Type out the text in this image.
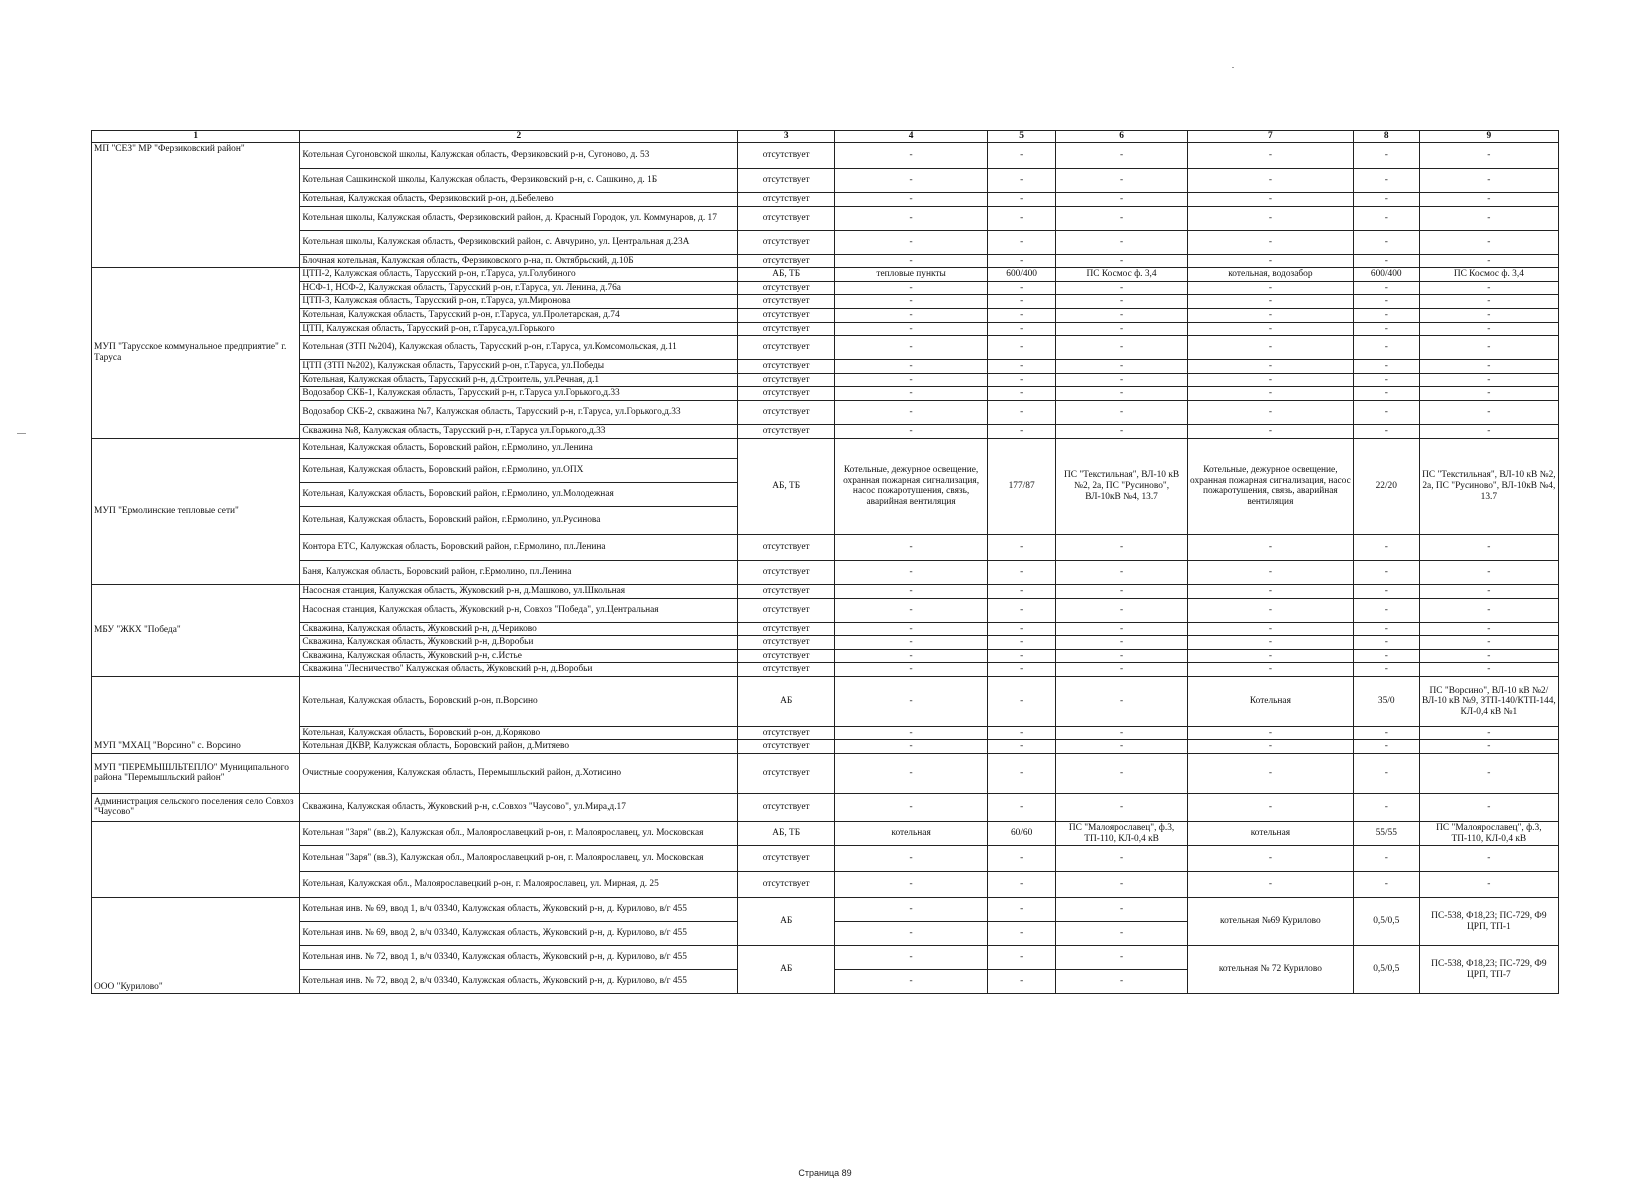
1	2	3	4	5	6	7	8	9
МП "СЕЗ" МР "Ферзиковский район"	Котельная Сугоновской школы, Калужская область, Ферзиковский р-н, Сугоново, д. 53	отсутствует	-	-	-	-	-	-
	Котельная Сашкинской школы, Калужская область, Ферзиковский р-н, с. Сашкино, д. 1Б	отсутствует	-	-	-	-	-	-
	Котельная, Калужская область, Ферзиковский р-он, д.Бебелево	отсутствует	-	-	-	-	-	-
	Котельная школы, Калужская область, Ферзиковский район, д. Красный Городок, ул. Коммунаров, д. 17	отсутствует	-	-	-	-	-	-
	Котельная школы, Калужская область, Ферзиковский район, с. Авчурино, ул. Центральная д.23А	отсутствует	-	-	-	-	-	-
	Блочная котельная, Калужская область, Ферзиковского р-на, п. Октябрьский, д.10Б	отсутствует	-	-	-	-	-	-
МУП "Тарусское коммунальное предприятие" г. Таруса	ЦТП-2, Калужская область, Тарусский р-он, г.Таруса, ул.Голубиного	АБ, ТБ	тепловые пункты	600/400	ПС Космос ф. 3,4	котельная, водозабор	600/400	ПС Космос ф. 3,4
	НСФ-1, НСФ-2, Калужская область, Тарусский р-он, г.Таруса, ул. Ленина, д.76а	отсутствует	-	-	-	-	-	-
	ЦТП-3, Калужская область, Тарусский р-он, г.Таруса, ул.Миронова	отсутствует	-	-	-	-	-	-
	Котельная, Калужская область, Тарусский р-он, г.Таруса, ул.Пролетарская, д.74	отсутствует	-	-	-	-	-	-
	ЦТП, Калужская область, Тарусский р-он, г.Таруса,ул.Горького	отсутствует	-	-	-	-	-	-
	Котельная (ЗТП №204), Калужская область, Тарусский р-он, г.Таруса, ул.Комсомольская, д.11	отсутствует	-	-	-	-	-	-
	ЦТП (ЗТП №202), Калужская область, Тарусский р-он, г.Таруса, ул.Победы	отсутствует	-	-	-	-	-	-
	Котельная, Калужская область, Тарусский р-н, д.Строитель, ул.Речная, д.1	отсутствует	-	-	-	-	-	-
	Водозабор СКБ-1, Калужская область, Тарусский р-н, г.Таруса ул.Горького,д.33	отсутствует	-	-	-	-	-	-
	Водозабор СКБ-2, скважина №7, Калужская область, Тарусский р-н, г.Таруса, ул.Горького,д.33	отсутствует	-	-	-	-	-	-
	Скважина №8, Калужская область, Тарусский р-н, г.Таруса ул.Горького,д.33	отсутствует	-	-	-	-	-	-
МУП "Ермолинские тепловые сети"	Котельная, Калужская область, Боровский район, г.Ермолино, ул.Ленина	АБ, ТБ	Котельные, дежурное освещение, охранная пожарная сигнализация, насос пожаротушения, связь, аварийная вентиляция	177/87	ПС "Текстильная", ВЛ-10 кВ №2, 2а, ПС "Русиново", ВЛ-10кВ №4, 13.7	Котельные, дежурное освещение, охранная пожарная сигнализация, насос пожаротушения, связь, аварийная вентиляция	22/20	ПС "Текстильная", ВЛ-10 кВ №2, 2а, ПС "Русиново", ВЛ-10кВ №4, 13.7
	Котельная, Калужская область, Боровский район, г.Ермолино, ул.ОПХ							
	Котельная, Калужская область, Боровский район, г.Ермолино, ул.Молодежная							
	Котельная, Калужская область, Боровский район, г.Ермолино, ул.Русинова							
	Контора ЕТС, Калужская область, Боровский район, г.Ермолино, пл.Ленина	отсутствует	-	-	-	-	-	-
	Баня, Калужская область, Боровский район, г.Ермолино, пл.Ленина	отсутствует	-	-	-	-	-	-
МБУ "ЖКХ "Победа"	Насосная станция, Калужская область, Жуковский р-н, д.Машково, ул.Школьная	отсутствует	-	-	-	-	-	-
	Насосная станция, Калужская область, Жуковский р-н, Совхоз "Победа", ул.Центральная	отсутствует	-	-	-	-	-	-
	Скважина, Калужская область, Жуковский р-н, д.Чериково	отсутствует	-	-	-	-	-	-
	Скважина, Калужская область, Жуковский р-н, д.Воробьи	отсутствует	-	-	-	-	-	-
	Скважина, Калужская область, Жуковский р-н, с.Истье	отсутствует	-	-	-	-	-	-
	Скважина "Лесничество" Калужская область, Жуковский р-н, д.Воробьи	отсутствует	-	-	-	-	-	-
МУП "МХАЦ "Ворсино" с. Ворсино	Котельная, Калужская область, Боровский р-он, п.Ворсино	АБ	-	-	-	Котельная	35/0	ПС "Ворсино", ВЛ-10 кВ №2/ ВЛ-10 кВ №9, ЗТП-140/КТП-144, КЛ-0,4 кВ №1
	Котельная, Калужская область, Боровский р-он, д.Коряково	отсутствует	-	-	-	-	-	-
	Котельная ДКВР, Калужская область, Боровский район, д.Митяево	отсутствует	-	-	-	-	-	-
МУП "ПЕРЕМЫШЛЬТЕПЛО" Муниципального района "Перемышльский район"	Очистные сооружения, Калужская область, Перемышльский район, д.Хотисино	отсутствует	-	-	-	-	-	-
Администрация сельского поселения село Совхоз "Чаусово"	Скважина, Калужская область, Жуковский р-н, с.Совхоз "Чаусово", ул.Мира,д.17	отсутствует	-	-	-	-	-	-
	Котельная "Заря" (вв.2), Калужская обл., Малоярославецкий р-он, г. Малоярославец, ул. Московская	АБ, ТБ	котельная	60/60	ПС "Малоярославец", ф.3, ТП-110, КЛ-0,4 кВ	котельная	55/55	ПС "Малоярославец", ф.3, ТП-110, КЛ-0,4 кВ
	Котельная "Заря" (вв.3), Калужская обл., Малоярославецкий р-он, г. Малоярославец, ул. Московская	отсутствует	-	-	-	-	-	-
	Котельная, Калужская обл., Малоярославецкий р-он, г. Малоярославец, ул. Мирная, д. 25	отсутствует	-	-	-	-	-	-
ООО "Курилово"	Котельная инв. № 69, ввод 1, в/ч 03340, Калужская область, Жуковский р-н, д. Курилово, в/г 455	АБ	-	-	-	котельная №69 Курилово	0,5/0,5	ПС-538, Ф18,23; ПС-729, Ф9 ЦРП, ТП-1
	Котельная инв. № 69, ввод 2, в/ч 03340, Калужская область, Жуковский р-н, д. Курилово, в/г 455		-	-	-			
	Котельная инв. № 72, ввод 1, в/ч 03340, Калужская область, Жуковский р-н, д. Курилово, в/г 455	АБ	-	-	-	котельная № 72 Курилово	0,5/0,5	ПС-538, Ф18,23; ПС-729, Ф9 ЦРП, ТП-7
	Котельная инв. № 72, ввод 2, в/ч 03340, Калужская область, Жуковский р-н, д. Курилово, в/г 455		-	-	-			
Страница 89
